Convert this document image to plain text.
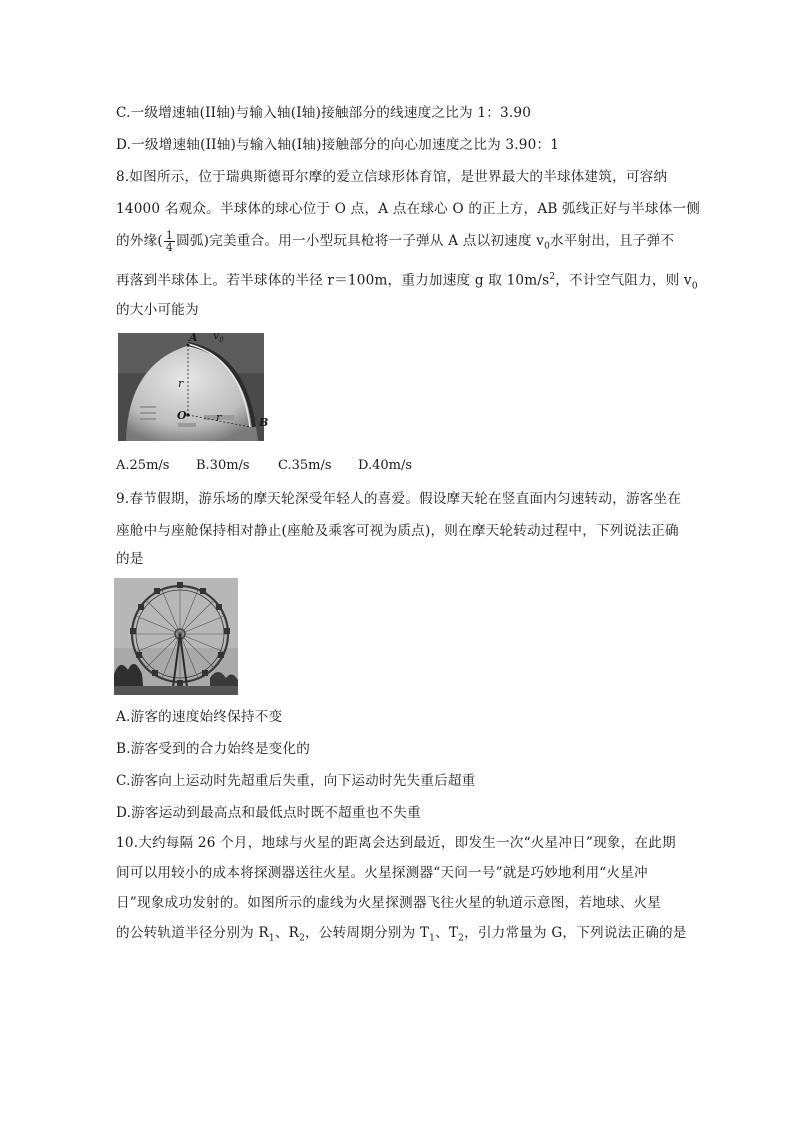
C.一级增速轴(II轴)与输入轴(I轴)接触部分的线速度之比为 1：3.90
D.一级增速轴(II轴)与输入轴(I轴)接触部分的向心加速度之比为 3.90：1
8.如图所示，位于瑞典斯德哥尔摩的爱立信球形体育馆，是世界最大的半球体建筑，可容纳
14000 名观众。半球体的球心位于 O 点，A 点在球心 O 的正上方，AB 弧线正好与半球体一侧
的外缘( $\frac{1}{4}$ 圆弧)完美重合。用一小型玩具枪将一子弹从 A 点以初速度 $v_0$水平射出，且子弹不
再落到半球体上。若半球体的半径 r＝100m，重力加速度 g 取 $10m/s^2$，不计空气阻力，则 $v_0$
的大小可能为
A $v_0$
r
O	r	B
A.25m/s B.30m/s C.35m/s D.40m/s
9.春节假期，游乐场的摩天轮深受年轻人的喜爱。假设摩天轮在竖直面内匀速转动，游客坐在
座舱中与座舱保持相对静止(座舱及乘客可视为质点)，则在摩天轮转动过程中，下列说法正确
的是
A.游客的速度始终保持不变
B.游客受到的合力始终是变化的
C.游客向上运动时先超重后失重，向下运动时先失重后超重
D.游客运动到最高点和最低点时既不超重也不失重
10.大约每隔 26 个月，地球与火星的距离会达到最近，即发生一次“火星冲日”现象，在此期
间可以用较小的成本将探测器送往火星。火星探测器“天问一号”就是巧妙地利用“火星冲
日”现象成功发射的。如图所示的虚线为火星探测器飞往火星的轨道示意图，若地球、火星
的公转轨道半径分别为 $R_1$、$R_2$，公转周期分别为 $T_1$、$T_2$，引力常量为 G，下列说法正确的是
